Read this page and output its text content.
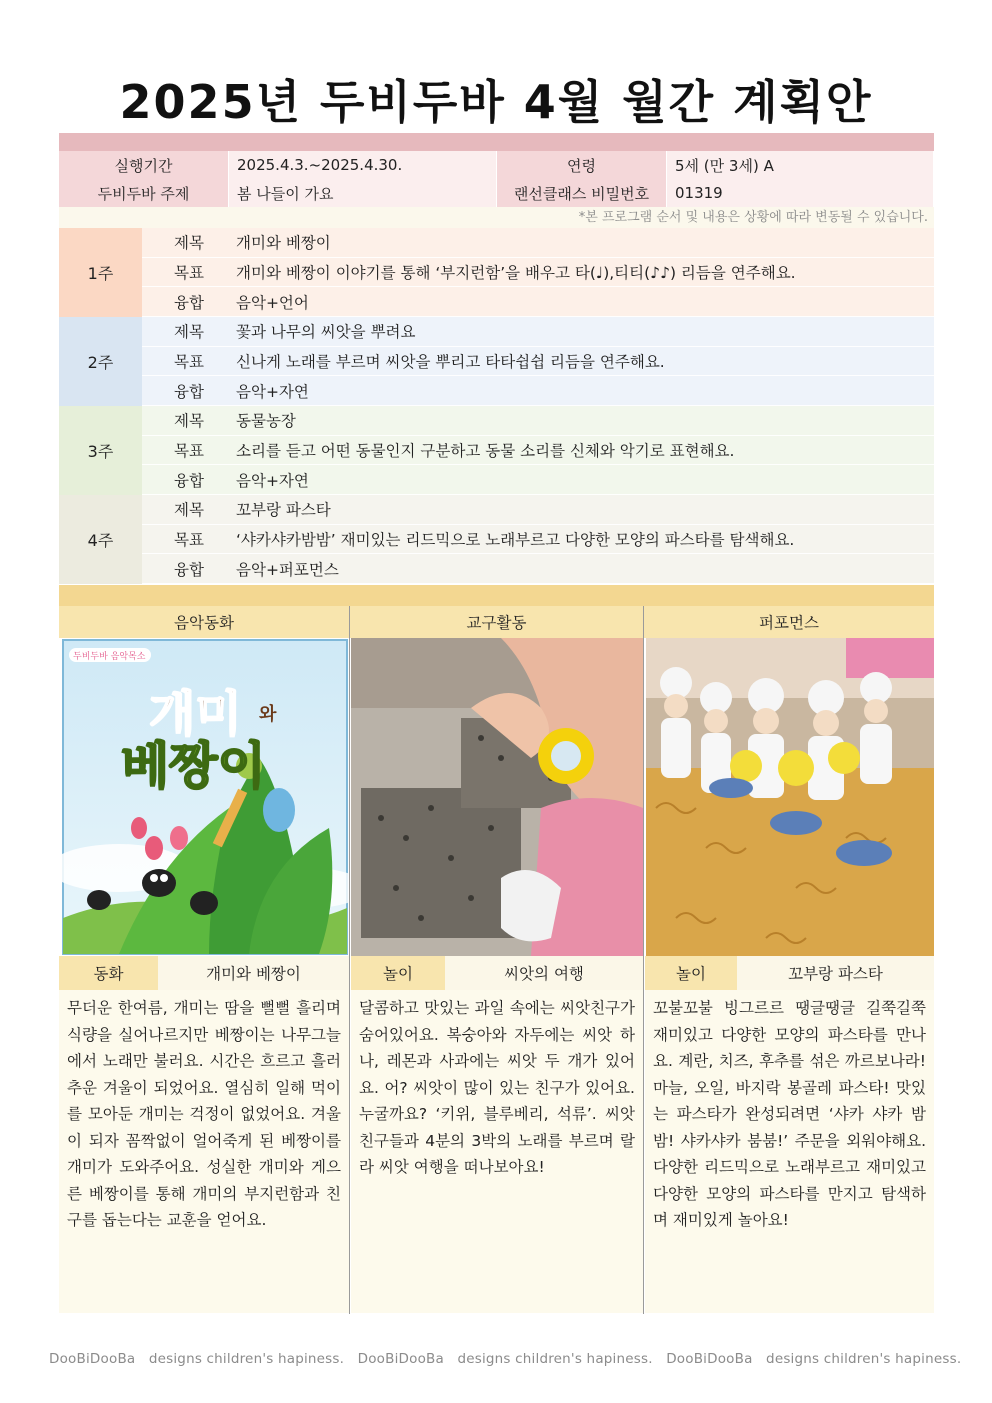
2025년 두비두바 4월 월간 계획안
실행기간	2025.4.3.~2025.4.30.	연령	5세 (만 3세) A
두비두바 주제	봄 나들이 가요	랜선클래스 비밀번호	01319
*본 프로그램 순서 및 내용은 상황에 따라 변동될 수 있습니다.
1주
제목	개미와 베짱이
목표	개미와 베짱이 이야기를 통해 ‘부지런함’을 배우고 타(♩),티티(♪♪) 리듬을 연주해요.
융합	음악+언어
2주
제목	꽃과 나무의 씨앗을 뿌려요
목표	신나게 노래를 부르며 씨앗을 뿌리고 타타쉽쉽 리듬을 연주해요.
융합	음악+자연
3주
제목	동물농장
목표	소리를 듣고 어떤 동물인지 구분하고 동물 소리를 신체와 악기로 표현해요.
융합	음악+자연
4주
제목	꼬부랑 파스타
목표	‘샤카샤카밤밤’ 재미있는 리드믹으로 노래부르고 다양한 모양의 파스타를 탐색해요.
융합	음악+퍼포먼스
음악동화	교구활동	퍼포먼스
두비두바 음악목소
개미 와
베짱이
동화	개미와 베짱이	놀이	씨앗의 여행	놀이	꼬부랑 파스타
무더운 한여름, 개미는 땀을 뻘뻘 흘리며 식량을 실어나르지만 베짱이는 나무그늘에서 노래만 불러요. 시간은 흐르고 흘러 추운 겨울이 되었어요. 열심히 일해 먹이를 모아둔 개미는 걱정이 없었어요. 겨울이 되자 꼼짝없이 얼어죽게 된 베짱이를 개미가 도와주어요. 성실한 개미와 게으른 베짱이를 통해 개미의 부지런함과 친구를 돕는다는 교훈을 얻어요.
달콤하고 맛있는 과일 속에는 씨앗친구가 숨어있어요. 복숭아와 자두에는 씨앗 하나, 레몬과 사과에는 씨앗 두 개가 있어요. 어? 씨앗이 많이 있는 친구가 있어요. 누굴까요? ‘키위, 블루베리, 석류’. 씨앗 친구들과 4분의 3박의 노래를 부르며 랄라 씨앗 여행을 떠나보아요!
꼬불꼬불 빙그르르 땡글땡글 길쭉길쭉 재미있고 다양한 모양의 파스타를 만나요. 계란, 치즈, 후추를 섞은 까르보나라! 마늘, 오일, 바지락 봉골레 파스타! 맛있는 파스타가 완성되려면 ‘샤카 샤카 밤밤! 샤카샤카 붐붐!’ 주문을 외워야해요. 다양한 리드믹으로 노래부르고 재미있고 다양한 모양의 파스타를 만지고 탐색하며 재미있게 놀아요!
DooBiDooBa   designs children's hapiness.   DooBiDooBa   designs children's hapiness.   DooBiDooBa   designs children's hapiness.
